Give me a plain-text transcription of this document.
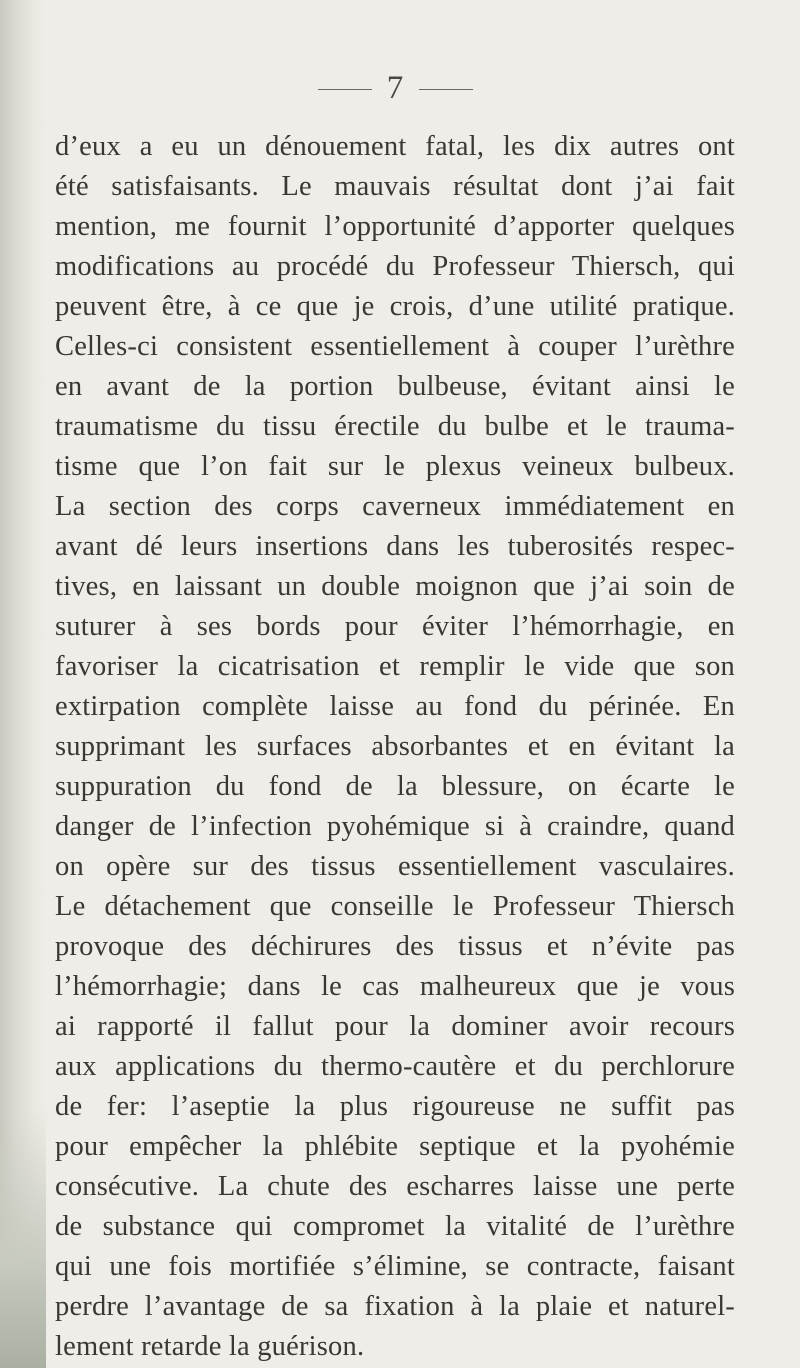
7
d’eux a eu un dénouement fatal, les dix autres ont
été satisfaisants. Le mauvais résultat dont j’ai fait
mention, me fournit l’opportunité d’apporter quelques
modifications au procédé du Professeur Thiersch, qui
peuvent être, à ce que je crois, d’une utilité pratique.
Celles-ci consistent essentiellement à couper l’urèthre
en avant de la portion bulbeuse, évitant ainsi le
traumatisme du tissu érectile du bulbe et le trauma-
tisme que l’on fait sur le plexus veineux bulbeux.
La section des corps caverneux immédiatement en
avant dé leurs insertions dans les tuberosités respec-
tives, en laissant un double moignon que j’ai soin de
suturer à ses bords pour éviter l’hémorrhagie, en
favoriser la cicatrisation et remplir le vide que son
extirpation complète laisse au fond du périnée. En
supprimant les surfaces absorbantes et en évitant la
suppuration du fond de la blessure, on écarte le
danger de l’infection pyohémique si à craindre, quand
on opère sur des tissus essentiellement vasculaires.
Le détachement que conseille le Professeur Thiersch
provoque des déchirures des tissus et n’évite pas
l’hémorrhagie; dans le cas malheureux que je vous
ai rapporté il fallut pour la dominer avoir recours
aux applications du thermo-cautère et du perchlorure
de fer: l’aseptie la plus rigoureuse ne suffit pas
pour empêcher la phlébite septique et la pyohémie
consécutive. La chute des escharres laisse une perte
de substance qui compromet la vitalité de l’urèthre
qui une fois mortifiée s’élimine, se contracte, faisant
perdre l’avantage de sa fixation à la plaie et naturel-
lement retarde la guérison.
